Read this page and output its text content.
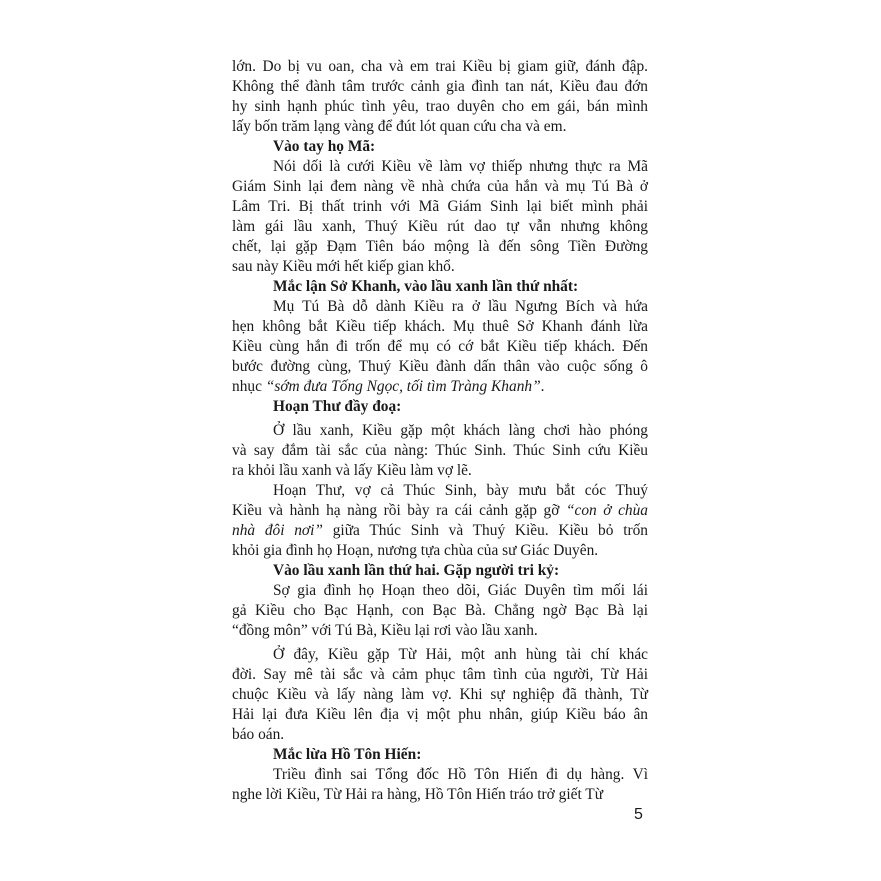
lớn. Do bị vu oan, cha và em trai Kiều bị giam giữ, đánh đập.
Không thể đành tâm trước cảnh gia đình tan nát, Kiều đau đớn
hy sinh hạnh phúc tình yêu, trao duyên cho em gái, bán mình
lấy bốn trăm lạng vàng để đút lót quan cứu cha và em.

Vào tay họ Mã:

Nói dối là cưới Kiều về làm vợ thiếp nhưng thực ra Mã
Giám Sinh lại đem nàng về nhà chứa của hắn và mụ Tú Bà ở
Lâm Tri. Bị thất trinh với Mã Giám Sinh lại biết mình phải
làm gái lầu xanh, Thuý Kiều rút dao tự vẫn nhưng không
chết, lại gặp Đạm Tiên báo mộng là đến sông Tiền Đường
sau này Kiều mới hết kiếp gian khổ.

Mắc lận Sở Khanh, vào lầu xanh lần thứ nhất:

Mụ Tú Bà dỗ dành Kiều ra ở lầu Ngưng Bích và hứa
hẹn không bắt Kiều tiếp khách. Mụ thuê Sở Khanh đánh lừa
Kiều cùng hắn đi trốn để mụ có cớ bắt Kiều tiếp khách. Đến
bước đường cùng, Thuý Kiều đành dấn thân vào cuộc sống ô
nhục “sớm đưa Tống Ngọc, tối tìm Tràng Khanh”.

Hoạn Thư đầy đoạ:

Ở lầu xanh, Kiều gặp một khách làng chơi hào phóng
và say đắm tài sắc của nàng: Thúc Sinh. Thúc Sinh cứu Kiều
ra khỏi lầu xanh và lấy Kiều làm vợ lẽ.

Hoạn Thư, vợ cả Thúc Sinh, bày mưu bắt cóc Thuý
Kiều và hành hạ nàng rồi bày ra cái cảnh gặp gỡ “con ở chùa
nhà đôi nơi” giữa Thúc Sinh và Thuý Kiều. Kiều bỏ trốn
khỏi gia đình họ Hoạn, nương tựa chùa của sư Giác Duyên.

Vào lầu xanh lần thứ hai. Gặp người tri kỷ:

Sợ gia đình họ Hoạn theo dõi, Giác Duyên tìm mối lái
gả Kiều cho Bạc Hạnh, con Bạc Bà. Chẳng ngờ Bạc Bà lại
“đồng môn” với Tú Bà, Kiều lại rơi vào lầu xanh.

Ở đây, Kiều gặp Từ Hải, một anh hùng tài chí khác
đời. Say mê tài sắc và cảm phục tâm tình của người, Từ Hải
chuộc Kiều và lấy nàng làm vợ. Khi sự nghiệp đã thành, Từ
Hải lại đưa Kiều lên địa vị một phu nhân, giúp Kiều báo ân
báo oán.

Mắc lừa Hồ Tôn Hiến:

Triều đình sai Tổng đốc Hồ Tôn Hiến đi dụ hàng. Vì
nghe lời Kiều, Từ Hải ra hàng, Hồ Tôn Hiến tráo trở giết Từ

5
